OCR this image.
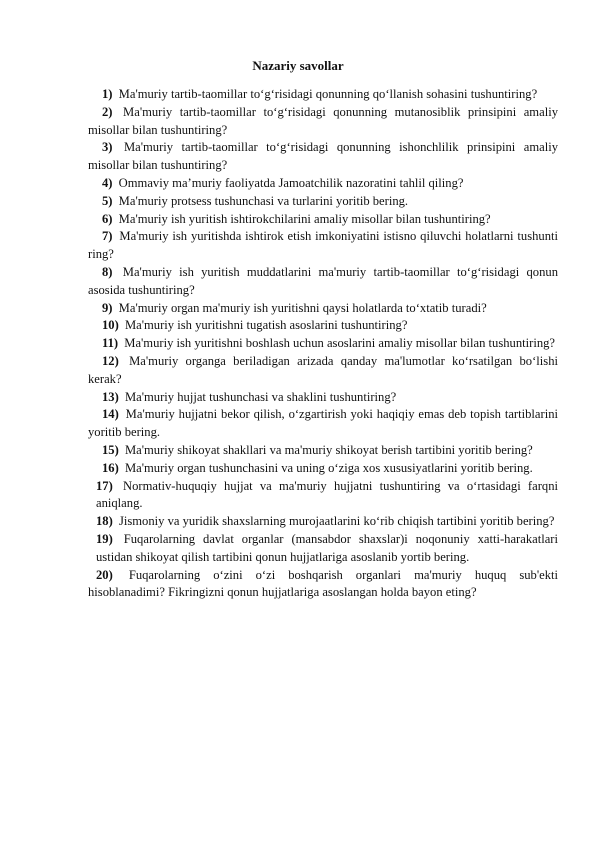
Nazariy savollar
1) Ma'muriy tartib-taomillar to‘g‘risidagi qonunning qo‘llanish sohasini tushuntiring?
2) Ma'muriy tartib-taomillar to‘g‘risidagi qonunning mutanosiblik prinsipini amaliy misollar bilan tushuntiring?
3) Ma'muriy tartib-taomillar to‘g‘risidagi qonunning ishonchlilik prinsipini amaliy misollar bilan tushuntiring?
4) Ommaviy ma’muriy faoliyatda Jamoatchilik nazoratini tahlil qiling?
5) Ma'muriy protsess tushunchasi va turlarini yoritib bering.
6) Ma'muriy ish yuritish ishtirokchilarini amaliy misollar bilan tushuntiring?
7) Ma'muriy ish yuritishda ishtirok etish imkoniyatini istisno qiluvchi holatlarni tushunti ring?
8) Ma'muriy ish yuritish muddatlarini ma'muriy tartib-taomillar to‘g‘risidagi qonun asosida tushuntiring?
9) Ma'muriy organ ma'muriy ish yuritishni qaysi holatlarda to‘xtatib turadi?
10) Ma'muriy ish yuritishni tugatish asoslarini tushuntiring?
11) Ma'muriy ish yuritishni boshlash uchun asoslarini amaliy misollar bilan tushuntiring?
12) Ma'muriy organga beriladigan arizada qanday ma'lumotlar ko‘rsatilgan bo‘lishi kerak?
13) Ma'muriy hujjat tushunchasi va shaklini tushuntiring?
14) Ma'muriy hujjatni bekor qilish, o‘zgartirish yoki haqiqiy emas deb topish tartiblarini yoritib bering.
15) Ma'muriy shikoyat shakllari va ma'muriy shikoyat berish tartibini yoritib bering?
16) Ma'muriy organ tushunchasini va uning o‘ziga xos xususiyatlarini yoritib bering.
17) Normativ-huquqiy hujjat va ma'muriy hujjatni tushuntiring va o‘rtasidagi farqni aniqlang.
18) Jismoniy va yuridik shaxslarning murojaatlarini ko‘rib chiqish tartibini yoritib bering?
19) Fuqarolarning davlat organlar (mansabdor shaxslar)i noqonuniy xatti-harakatlari ustidan shikoyat qilish tartibini qonun hujjatlariga asoslanib yortib bering.
20) Fuqarolarning o‘zini o‘zi boshqarish organlari ma'muriy huquq sub'ekti hisoblanadimi? Fikringizni qonun hujjatlariga asoslangan holda bayon eting?
